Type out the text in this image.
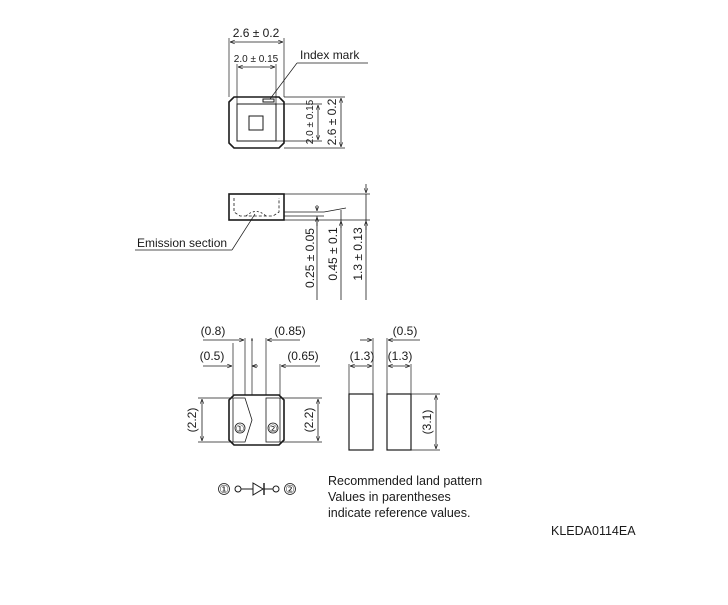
2.6 ± 0.2
2.0 ± 0.15 Index mark
2.0 ± 0.15 2.6 ± 0.2
Emission section	0.25 ± 0.05 0.45 ± 0.1 1.3 ± 0.13
① ②
(0.8)	(0.85)
(0.5)	(0.65)
(2.2)	(2.2)
(0.5)
(1.3) (1.3)
(3.1)
①	②
Recommended land pattern
Values in parentheses
indicate reference values.
KLEDA0114EA
